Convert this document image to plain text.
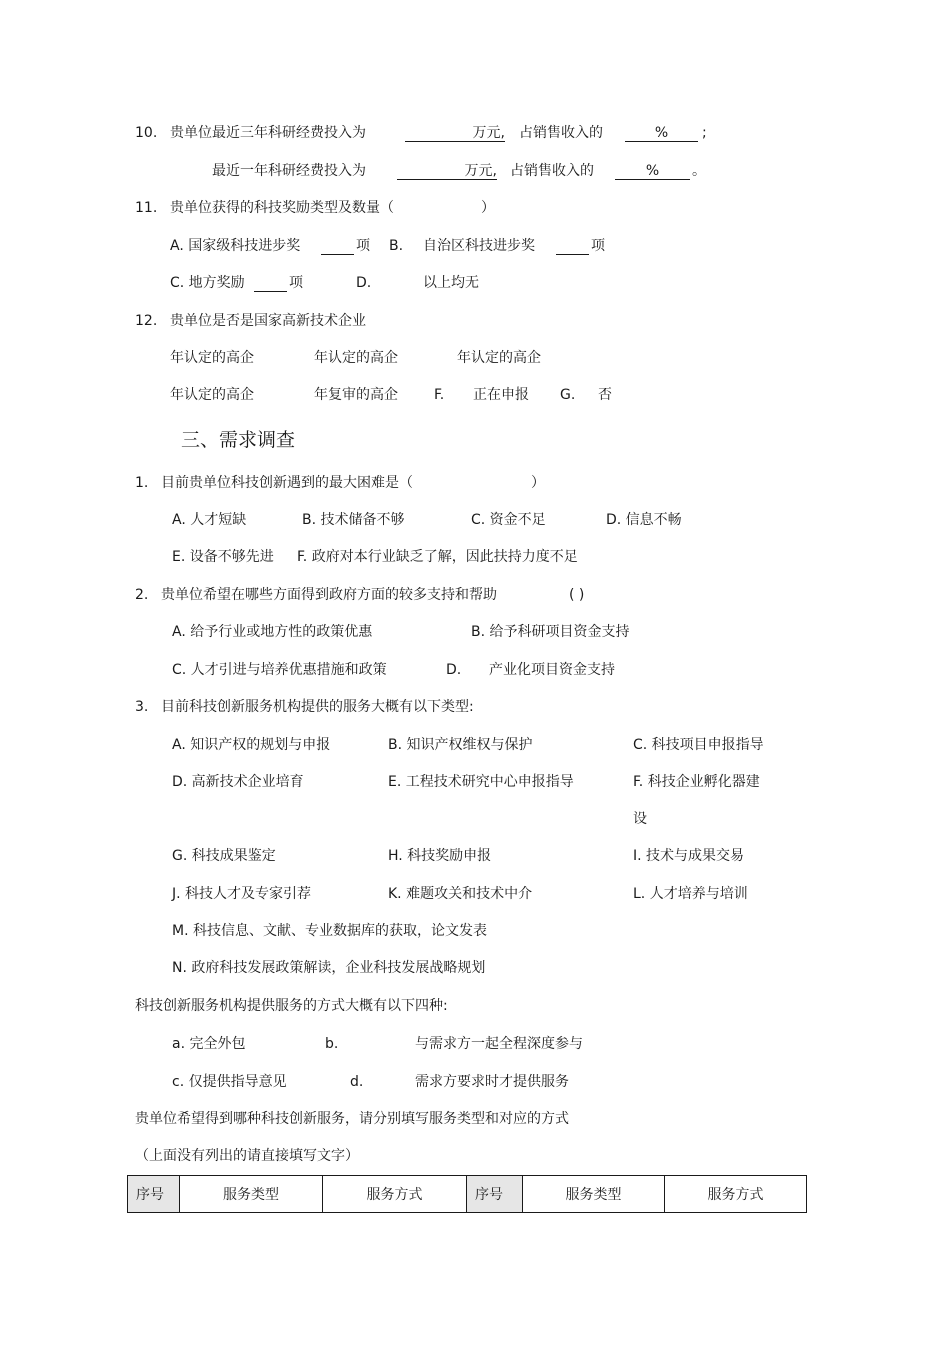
10. 贵单位最近三年科研经费投入为	万元, 占销售收入的	%	;
最近一年科研经费投入为	万元, 占销售收入的	%	。
11. 贵单位获得的科技奖励类型及数量（	）
A. 国家级科技进步奖
	项 B. 自治区科技进步奖
	项
C. 地方奖励
	项	D.	以上均无
12. 贵单位是否是国家高新技术企业
年认定的高企	年认定的高企	年认定的高企
年认定的高企	年复审的高企	F. 正在申报 G. 否
三、需求调查
1. 目前贵单位科技创新遇到的最大困难是（	）
A. 人才短缺	B. 技术储备不够	C. 资金不足	D. 信息不畅
E. 设备不够先进 F. 政府对本行业缺乏了解，因此扶持力度不足
2. 贵单位希望在哪些方面得到政府方面的较多支持和帮助	( )
A. 给予行业或地方性的政策优惠	B. 给予科研项目资金支持
C. 人才引进与培养优惠措施和政策	D. 产业化项目资金支持
3. 目前科技创新服务机构提供的服务大概有以下类型:
A. 知识产权的规划与申报	B. 知识产权维权与保护	C. 科技项目申报指导
D. 高新技术企业培育	E. 工程技术研究中心申报指导	F. 科技企业孵化器建
设
G. 科技成果鉴定	H. 科技奖励申报	I. 技术与成果交易
J. 科技人才及专家引荐	K. 难题攻关和技术中介	L. 人才培养与培训
M. 科技信息、文献、专业数据库的获取，论文发表
N. 政府科技发展政策解读，企业科技发展战略规划
科技创新服务机构提供服务的方式大概有以下四种:
a. 完全外包	b.	与需求方一起全程深度参与
c. 仅提供指导意见	d.	需求方要求时才提供服务
贵单位希望得到哪种科技创新服务，请分别填写服务类型和对应的方式
（上面没有列出的请直接填写文字）
序号	服务类型	服务方式	序号	服务类型	服务方式
